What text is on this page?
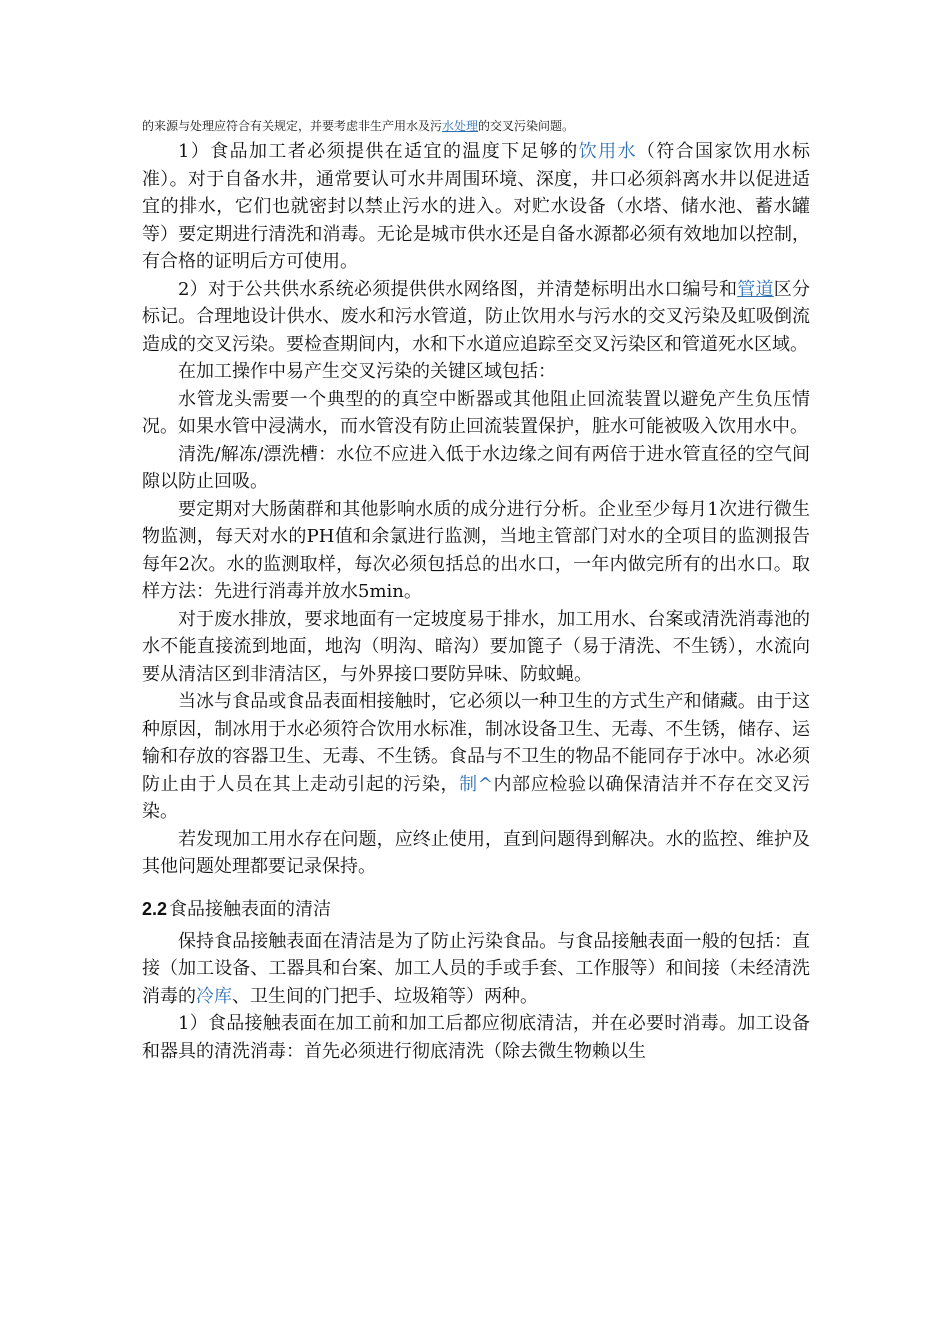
的来源与处理应符合有关规定，并要考虑非生产用水及污水处理的交叉污染问题。

1）食品加工者必须提供在适宜的温度下足够的饮用水（符合国家饮用水标准）。对于自备水井，通常要认可水井周围环境、深度，井口必须斜离水井以促进适宜的排水，它们也就密封以禁止污水的进入。对贮水设备（水塔、储水池、蓄水罐等）要定期进行清洗和消毒。无论是城市供水还是自备水源都必须有效地加以控制，有合格的证明后方可使用。

2）对于公共供水系统必须提供供水网络图，并清楚标明出水口编号和管道区分标记。合理地设计供水、废水和污水管道，防止饮用水与污水的交叉污染及虹吸倒流造成的交叉污染。要检查期间内，水和下水道应追踪至交叉污染区和管道死水区域。

在加工操作中易产生交叉污染的关键区域包括：

水管龙头需要一个典型的的真空中断器或其他阻止回流装置以避免产生负压情况。如果水管中浸满水，而水管没有防止回流装置保护，脏水可能被吸入饮用水中。

清洗/解冻/漂洗槽：水位不应进入低于水边缘之间有两倍于进水管直径的空气间隙以防止回吸。

要定期对大肠菌群和其他影响水质的成分进行分析。企业至少每月1次进行微生物监测，每天对水的PH值和余氯进行监测，当地主管部门对水的全项目的监测报告每年2次。水的监测取样，每次必须包括总的出水口，一年内做完所有的出水口。取样方法：先进行消毒并放水5min。

对于废水排放，要求地面有一定坡度易于排水，加工用水、台案或清洗消毒池的水不能直接流到地面，地沟（明沟、暗沟）要加篦子（易于清洗、不生锈），水流向要从清洁区到非清洁区，与外界接口要防异味、防蚊蝇。

当冰与食品或食品表面相接触时，它必须以一种卫生的方式生产和储藏。由于这种原因，制冰用于水必须符合饮用水标准，制冰设备卫生、无毒、不生锈，储存、运输和存放的容器卫生、无毒、不生锈。食品与不卫生的物品不能同存于冰中。冰必须防止由于人员在其上走动引起的污染，制^内部应检验以确保清洁并不存在交叉污染。

若发现加工用水存在问题，应终止使用，直到问题得到解决。水的监控、维护及其他问题处理都要记录保持。

2.2 食品接触表面的清洁

保持食品接触表面在清洁是为了防止污染食品。与食品接触表面一般的包括：直接（加工设备、工器具和台案、加工人员的手或手套、工作服等）和间接（未经清洗消毒的冷库、卫生间的门把手、垃圾箱等）两种。

1）食品接触表面在加工前和加工后都应彻底清洁，并在必要时消毒。加工设备和器具的清洗消毒：首先必须进行彻底清洗（除去微生物赖以生
